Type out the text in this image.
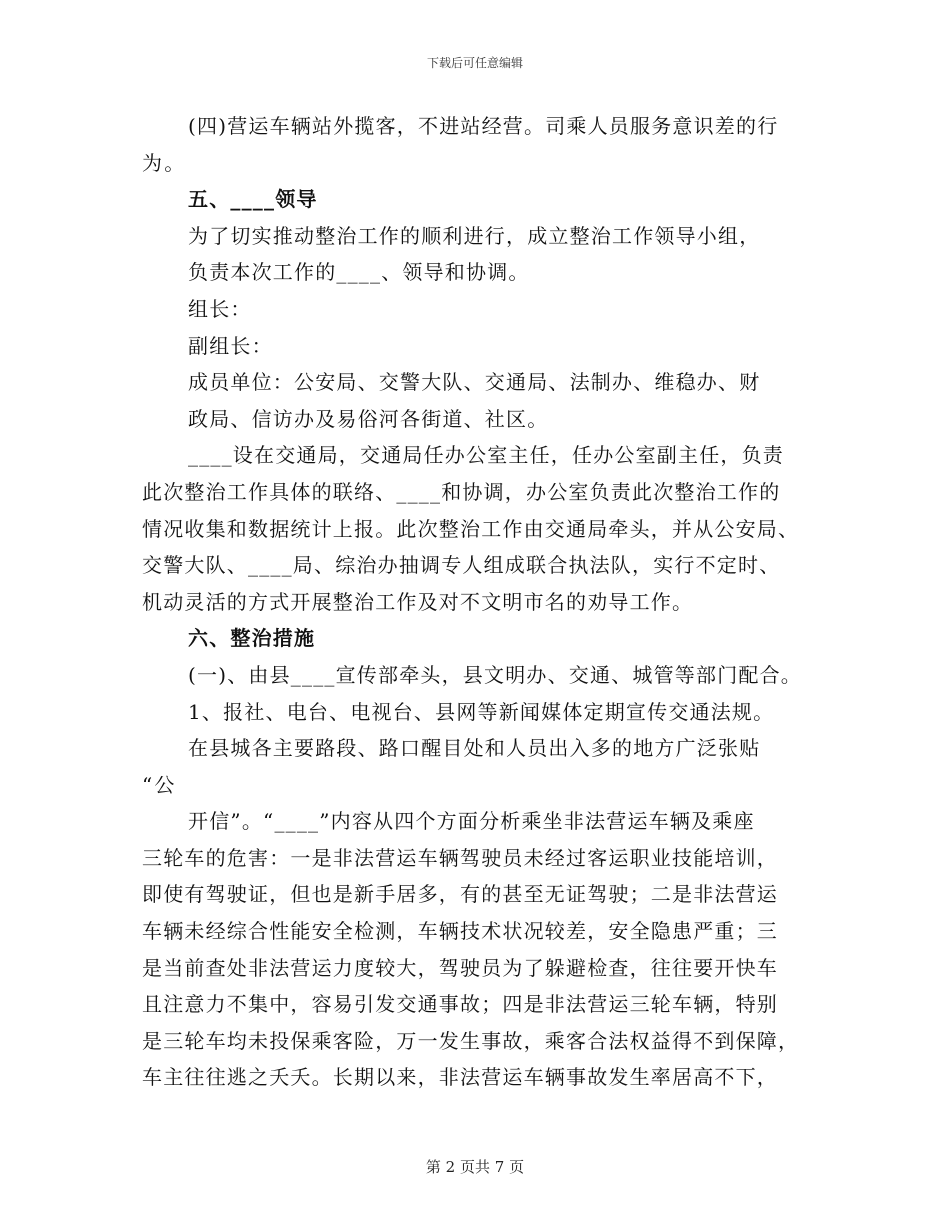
下载后可任意编辑
(四)营运车辆站外揽客，不进站经营。司乘人员服务意识差的行
为。
五、____领导
为了切实推动整治工作的顺利进行，成立整治工作领导小组，
负责本次工作的____、领导和协调。
组长：
副组长：
成员单位：公安局、交警大队、交通局、法制办、维稳办、财
政局、信访办及易俗河各街道、社区。
____设在交通局，交通局任办公室主任，任办公室副主任，负责
此次整治工作具体的联络、____和协调，办公室负责此次整治工作的
情况收集和数据统计上报。此次整治工作由交通局牵头，并从公安局、
交警大队、____局、综治办抽调专人组成联合执法队，实行不定时、
机动灵活的方式开展整治工作及对不文明市名的劝导工作。
六、整治措施
(一)、由县____宣传部牵头，县文明办、交通、城管等部门配合。
1、报社、电台、电视台、县网等新闻媒体定期宣传交通法规。
在县城各主要路段、路口醒目处和人员出入多的地方广泛张贴
“公
开信”。“____”内容从四个方面分析乘坐非法营运车辆及乘座
三轮车的危害：一是非法营运车辆驾驶员未经过客运职业技能培训，
即使有驾驶证，但也是新手居多，有的甚至无证驾驶；二是非法营运
车辆未经综合性能安全检测，车辆技术状况较差，安全隐患严重；三
是当前查处非法营运力度较大，驾驶员为了躲避检查，往往要开快车
且注意力不集中，容易引发交通事故；四是非法营运三轮车辆，特别
是三轮车均未投保乘客险，万一发生事故，乘客合法权益得不到保障，
车主往往逃之夭夭。长期以来，非法营运车辆事故发生率居高不下，
第 2 页共 7 页
